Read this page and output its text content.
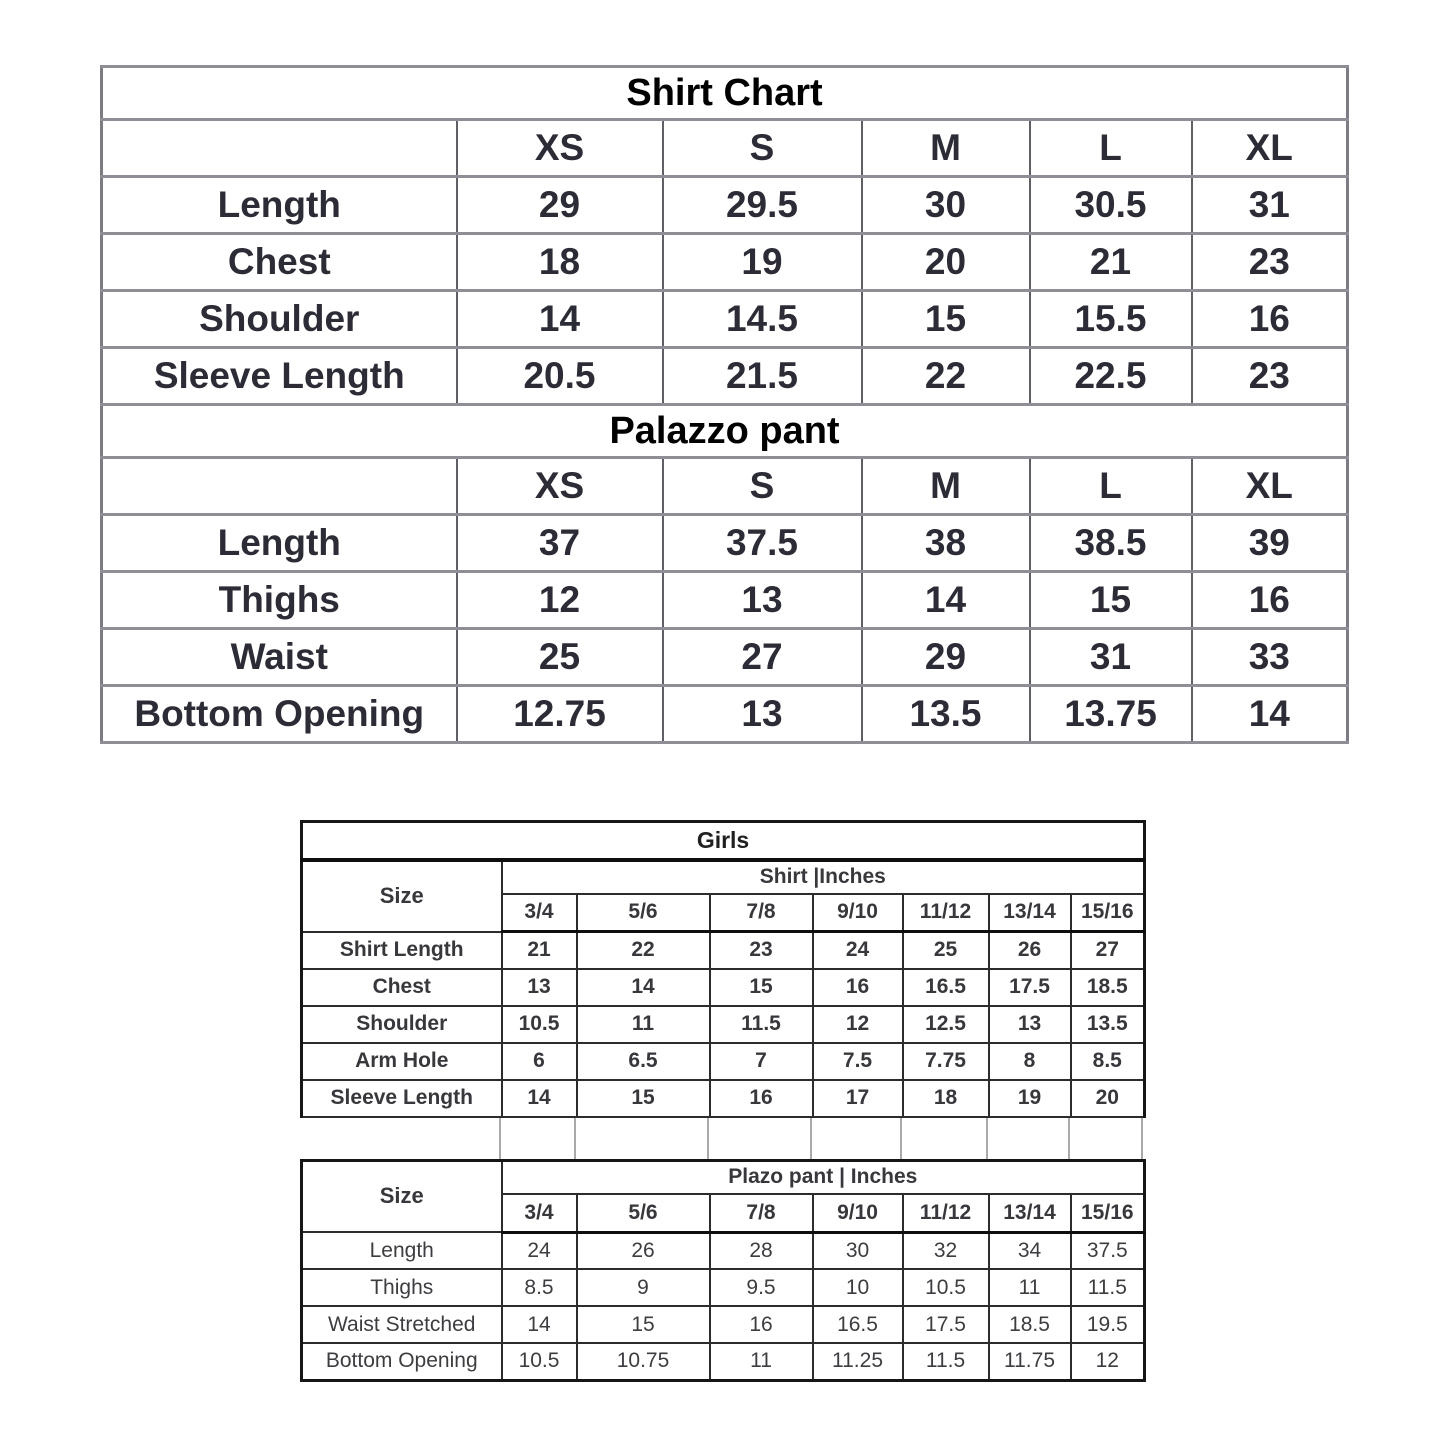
Shirt Chart					
	XS	S	M	L	XL
Length	29	29.5	30	30.5	31
Chest	18	19	20	21	23
Shoulder	14	14.5	15	15.5	16
Sleeve Length	20.5	21.5	22	22.5	23
Palazzo pant					
	XS	S	M	L	XL
Length	37	37.5	38	38.5	39
Thighs	12	13	14	15	16
Waist	25	27	29	31	33
Bottom Opening	12.75	13	13.5	13.75	14
Girls							
Size	Shirt |Inches						
	3/4	5/6	7/8	9/10	11/12	13/14	15/16
Shirt Length	21	22	23	24	25	26	27
Chest	13	14	15	16	16.5	17.5	18.5
Shoulder	10.5	11	11.5	12	12.5	13	13.5
Arm Hole	6	6.5	7	7.5	7.75	8	8.5
Sleeve Length	14	15	16	17	18	19	20
Size	Plazo pant | Inches						
	3/4	5/6	7/8	9/10	11/12	13/14	15/16
Length	24	26	28	30	32	34	37.5
Thighs	8.5	9	9.5	10	10.5	11	11.5
Waist Stretched	14	15	16	16.5	17.5	18.5	19.5
Bottom Opening	10.5	10.75	11	11.25	11.5	11.75	12
